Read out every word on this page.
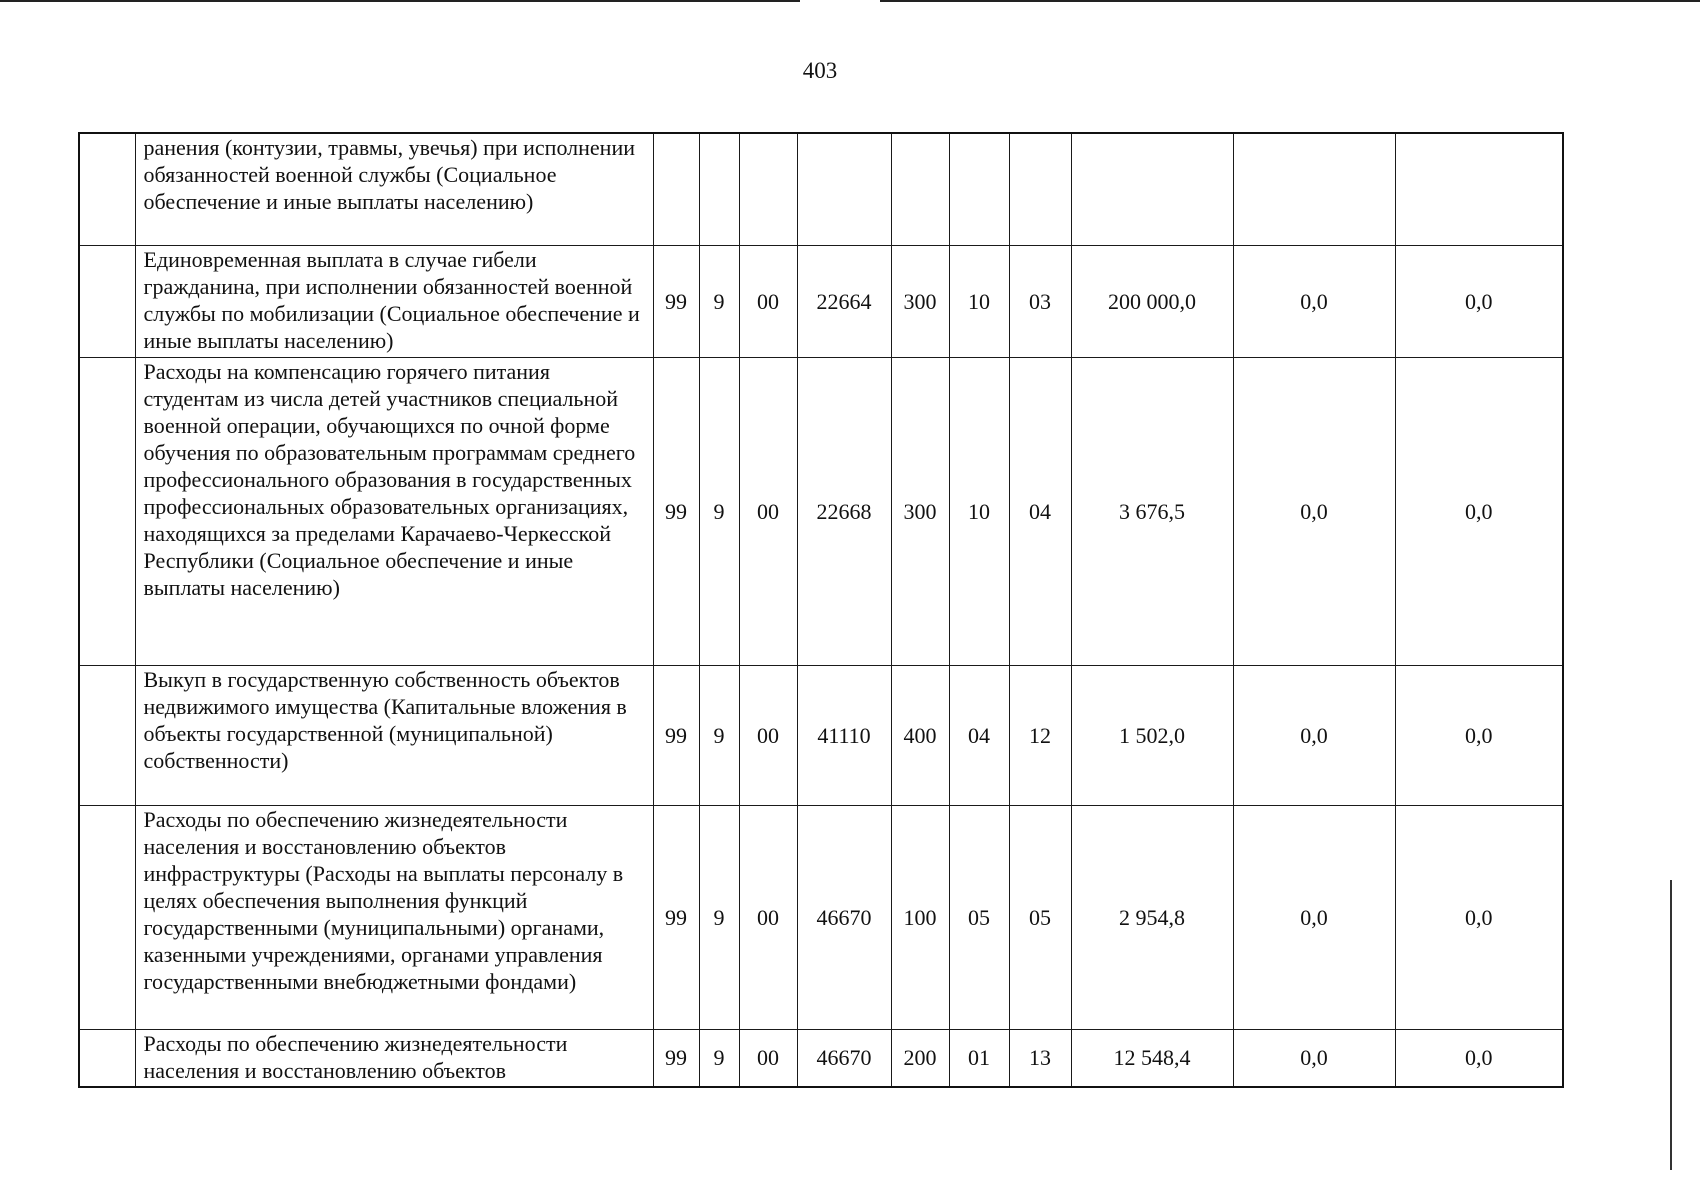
403
	ранения (контузии, травмы, увечья) при исполнении обязанностей военной службы (Социальное обеспечение и иные выплаты населению)										
	Единовременная выплата в случае гибели гражданина, при исполнении обязанностей военной службы по мобилизации (Социальное обеспечение и иные выплаты населению)	99	9	00	22664	300	10	03	200 000,0	0,0	0,0
	Расходы на компенсацию горячего питания студентам из числа детей участников специальной военной операции, обучающихся по очной форме обучения по образовательным программам среднего профессионального образования в государственных профессиональных образовательных организациях, находящихся за пределами Карачаево-Черкесской Республики (Социальное обеспечение и иные выплаты населению)	99	9	00	22668	300	10	04	3 676,5	0,0	0,0
	Выкуп в государственную собственность объектов недвижимого имущества (Капитальные вложения в объекты государственной (муниципальной) собственности)	99	9	00	41110	400	04	12	1 502,0	0,0	0,0
	Расходы по обеспечению жизнедеятельности населения и восстановлению объектов инфраструктуры (Расходы на выплаты персоналу в целях обеспечения выполнения функций государственными (муниципальными) органами, казенными учреждениями, органами управления государственными внебюджетными фондами)	99	9	00	46670	100	05	05	2 954,8	0,0	0,0
	Расходы по обеспечению жизнедеятельности населения и восстановлению объектов	99	9	00	46670	200	01	13	12 548,4	0,0	0,0
